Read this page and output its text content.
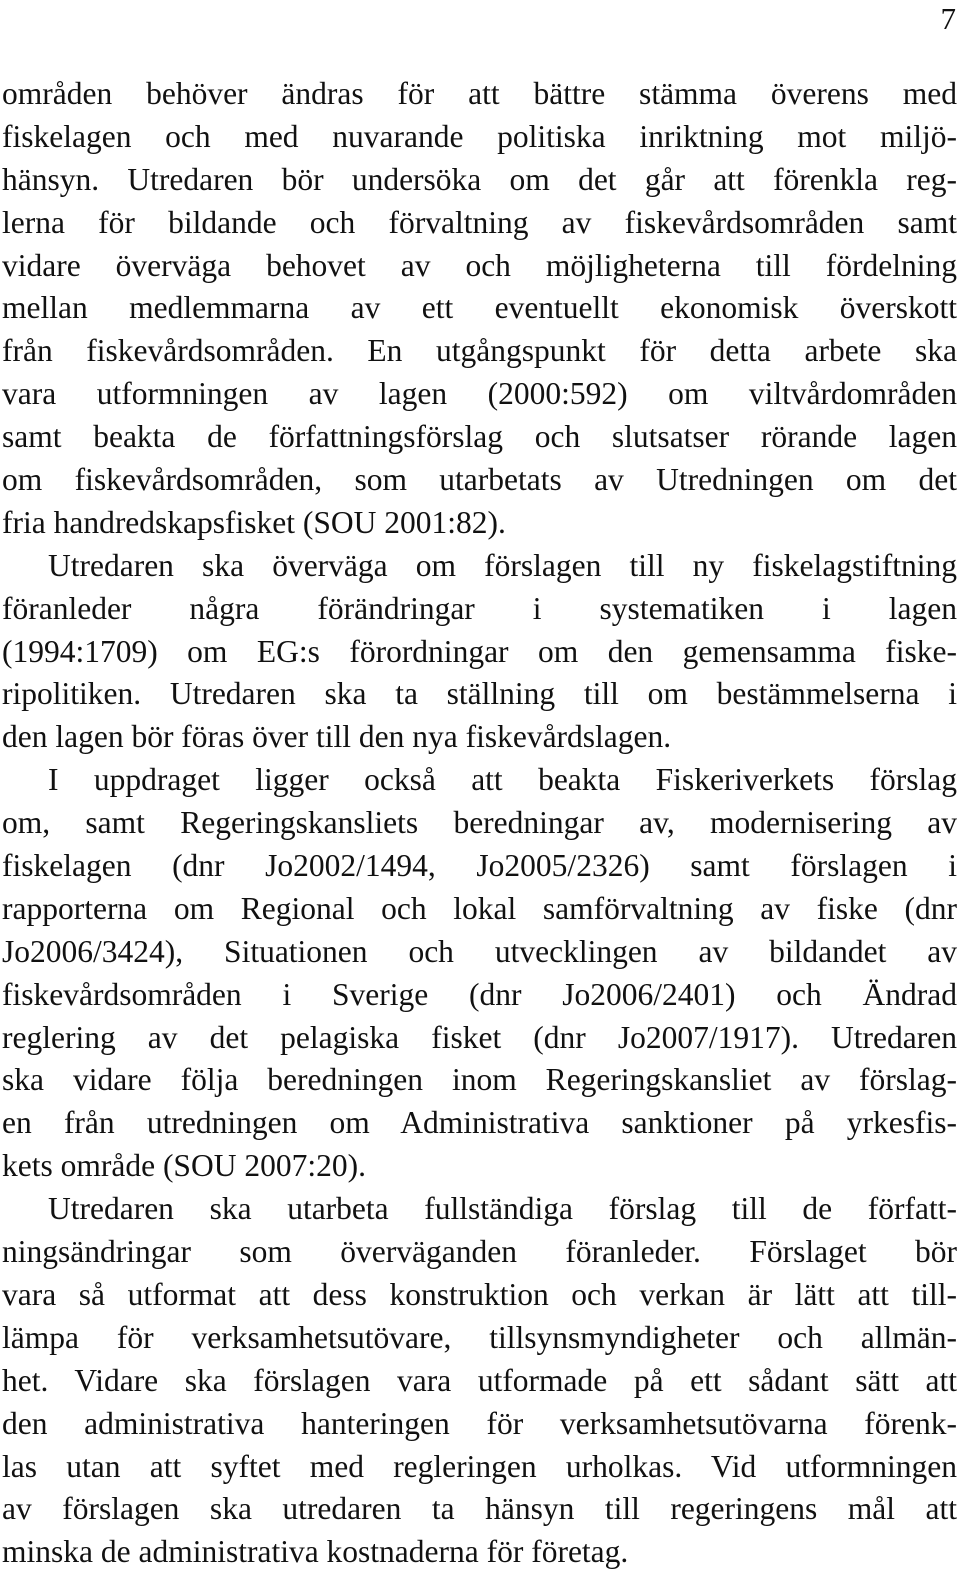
7
områden behöver ändras för att bättre stämma överens med
fiskelagen och med nuvarande politiska inriktning mot miljö-
hänsyn. Utredaren bör undersöka om det går att förenkla reg-
lerna för bildande och förvaltning av fiskevårdsområden samt
vidare överväga behovet av och möjligheterna till fördelning
mellan medlemmarna av ett eventuellt ekonomisk överskott
från fiskevårdsområden. En utgångspunkt för detta arbete ska
vara utformningen av lagen (2000:592) om viltvårdområden
samt beakta de författningsförslag och slutsatser rörande lagen
om fiskevårdsområden, som utarbetats av Utredningen om det
fria handredskapsfisket (SOU 2001:82).
Utredaren ska överväga om förslagen till ny fiskelagstiftning
föranleder några förändringar i systematiken i lagen
(1994:1709) om EG:s förordningar om den gemensamma fiske-
ripolitiken. Utredaren ska ta ställning till om bestämmelserna i
den lagen bör föras över till den nya fiskevårdslagen.
I uppdraget ligger också att beakta Fiskeriverkets förslag
om, samt Regeringskansliets beredningar av, modernisering av
fiskelagen (dnr Jo2002/1494, Jo2005/2326) samt förslagen i
rapporterna om Regional och lokal samförvaltning av fiske (dnr
Jo2006/3424), Situationen och utvecklingen av bildandet av
fiskevårdsområden i Sverige (dnr Jo2006/2401) och Ändrad
reglering av det pelagiska fisket (dnr Jo2007/1917). Utredaren
ska vidare följa beredningen inom Regeringskansliet av förslag-
en från utredningen om Administrativa sanktioner på yrkesfis-
kets område (SOU 2007:20).
Utredaren ska utarbeta fullständiga förslag till de författ-
ningsändringar som överväganden föranleder. Förslaget bör
vara så utformat att dess konstruktion och verkan är lätt att till-
lämpa för verksamhetsutövare, tillsynsmyndigheter och allmän-
het. Vidare ska förslagen vara utformade på ett sådant sätt att
den administrativa hanteringen för verksamhetsutövarna förenk-
las utan att syftet med regleringen urholkas. Vid utformningen
av förslagen ska utredaren ta hänsyn till regeringens mål att
minska de administrativa kostnaderna för företag.
